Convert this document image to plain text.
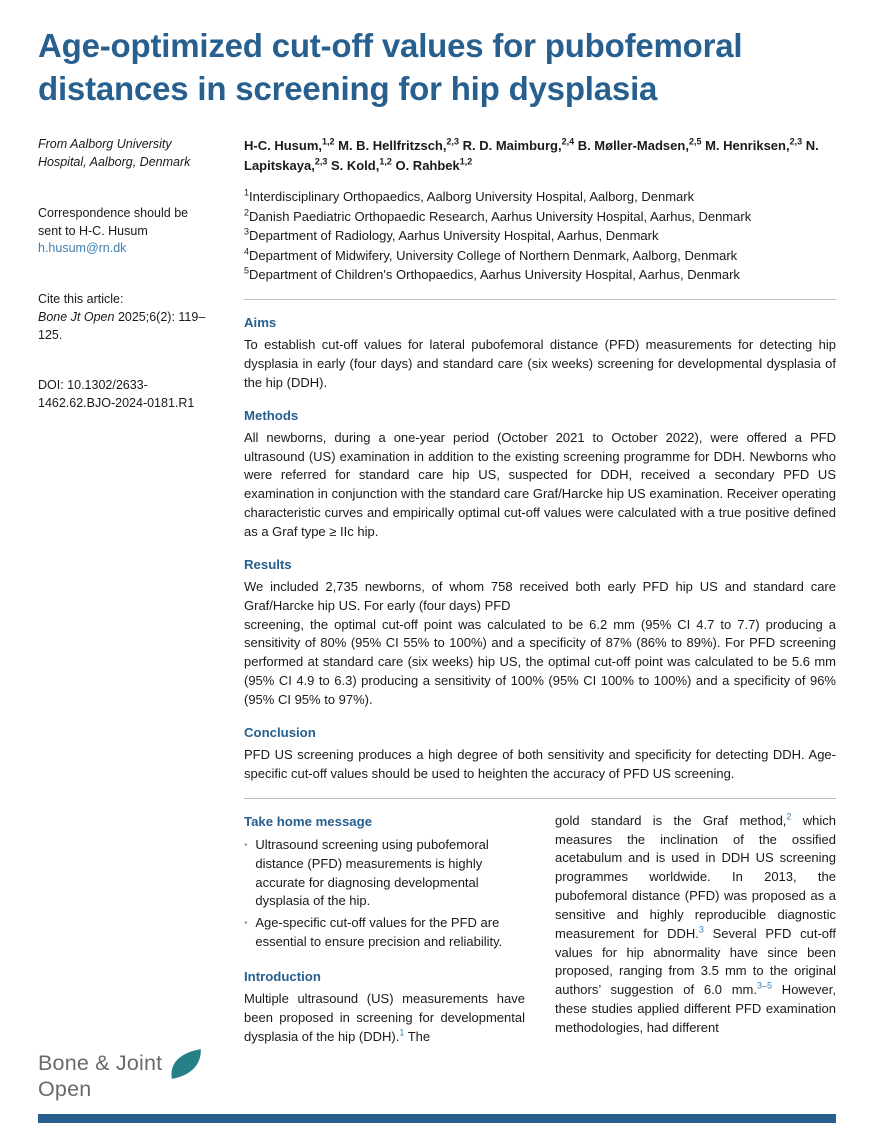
Age-optimized cut-off values for pubofemoral distances in screening for hip dysplasia

From Aalborg University Hospital, Aalborg, Denmark

Correspondence should be sent to H-C. Husum
h.husum@rn.dk
Cite this article:
Bone Jt Open 2025;6(2): 119–125.
DOI: 10.1302/2633-1462.62.BJO-2024-0181.R1

H-C. Husum,$^{1,2}$ M. B. Hellfritzsch,$^{2,3}$ R. D. Maimburg,$^{2,4}$ B. Møller-Madsen,$^{2,5}$ M. Henriksen,$^{2,3}$ N. Lapitskaya,$^{2,3}$ S. Kold,$^{1,2}$ O. Rahbek$^{1,2}$

$^1$Interdisciplinary Orthopaedics, Aalborg University Hospital, Aalborg, Denmark

$^2$Danish Paediatric Orthopaedic Research, Aarhus University Hospital, Aarhus, Denmark

$^3$Department of Radiology, Aarhus University Hospital, Aarhus, Denmark

$^4$Department of Midwifery, University College of Northern Denmark, Aalborg, Denmark

$^5$Department of Children's Orthopaedics, Aarhus University Hospital, Aarhus, Denmark

Aims

To establish cut-off values for lateral pubofemoral distance (PFD) measurements for detecting hip dysplasia in early (four days) and standard care (six weeks) screening for developmental dysplasia of the hip (DDH).

Methods

All newborns, during a one-year period (October 2021 to October 2022), were offered a PFD ultrasound (US) examination in addition to the existing screening programme for DDH. Newborns who were referred for standard care hip US, suspected for DDH, received a secondary PFD US examination in conjunction with the standard care Graf/Harcke hip US examination. Receiver operating characteristic curves and empirically optimal cut-off values were calculated with a true positive defined as a Graf type ≥ IIc hip.

Results

We included 2,735 newborns, of whom 758 received both early PFD hip US and standard care Graf/Harcke hip US. For early (four days) PFD

screening, the optimal cut-off point was calculated to be 6.2 mm (95% CI 4.7 to 7.7) producing a sensitivity of 80% (95% CI 55% to 100%) and a specificity of 87% (86% to 89%). For PFD screening performed at standard care (six weeks) hip US, the optimal cut-off point was calculated to be 5.6 mm (95% CI 4.9 to 6.3) producing a sensitivity of 100% (95% CI 100% to 100%) and a specificity of 96% (95% CI 95% to 97%).

Conclusion

PFD US screening produces a high degree of both sensitivity and specificity for detecting DDH. Age-specific cut-off values should be used to heighten the accuracy of PFD US screening.

Take home message
· Ultrasound screening using pubofemoral distance (PFD) measurements is highly accurate for diagnosing developmental dysplasia of the hip.
· Age-specific cut-off values for the PFD are essential to ensure precision and reliability.
Introduction

Multiple ultrasound (US) measurements have been proposed in screening for developmental dysplasia of the hip (DDH).$^1$ The

gold standard is the Graf method,$^2$ which measures the inclination of the ossified acetabulum and is used in DDH US screening programmes worldwide. In 2013, the pubofemoral distance (PFD) was proposed as a sensitive and highly reproducible diagnostic measurement for DDH.$^3$ Several PFD cut-off values for hip abnormality have since been proposed, ranging from 3.5 mm to the original authors’ suggestion of 6.0 mm.$^{3-5}$ However, these studies applied different PFD examination methodologies, had different

Bone & Joint
Open
